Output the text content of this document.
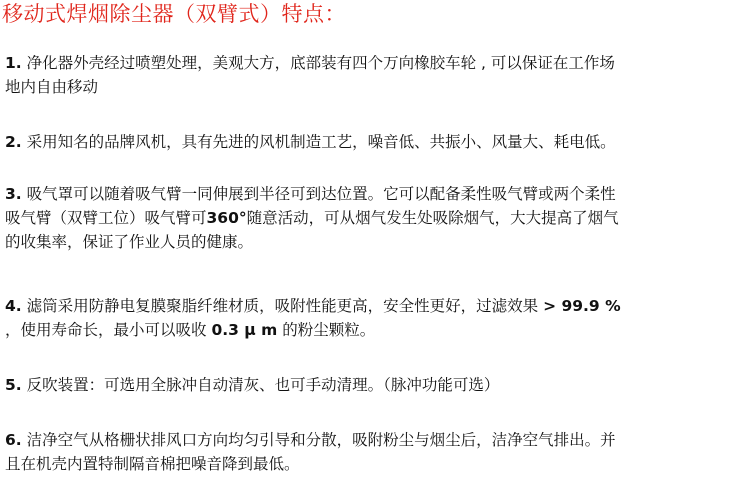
移动式焊烟除尘器（双臂式）特点：
1. 净化器外壳经过喷塑处理，美观大方，底部装有四个万向橡胶车轮 , 可以保证在工作场
地内自由移动
2. 采用知名的品牌风机，具有先进的风机制造工艺，噪音低、共振小、风量大、耗电低。
3. 吸气罩可以随着吸气臂一同伸展到半径可到达位置。它可以配备柔性吸气臂或两个柔性
吸气臂（双臂工位）吸气臂可360°随意活动，可从烟气发生处吸除烟气，大大提高了烟气
的收集率，保证了作业人员的健康。
4. 滤筒采用防静电复膜聚脂纤维材质，吸附性能更高，安全性更好，过滤效果 > 99.9 %
，使用寿命长，最小可以吸收 0.3 μ m 的粉尘颗粒。
5. 反吹装置：可选用全脉冲自动清灰、也可手动清理。（脉冲功能可选）
6. 洁净空气从格栅状排风口方向均匀引导和分散，吸附粉尘与烟尘后，洁净空气排出。并
且在机壳内置特制隔音棉把噪音降到最低。
